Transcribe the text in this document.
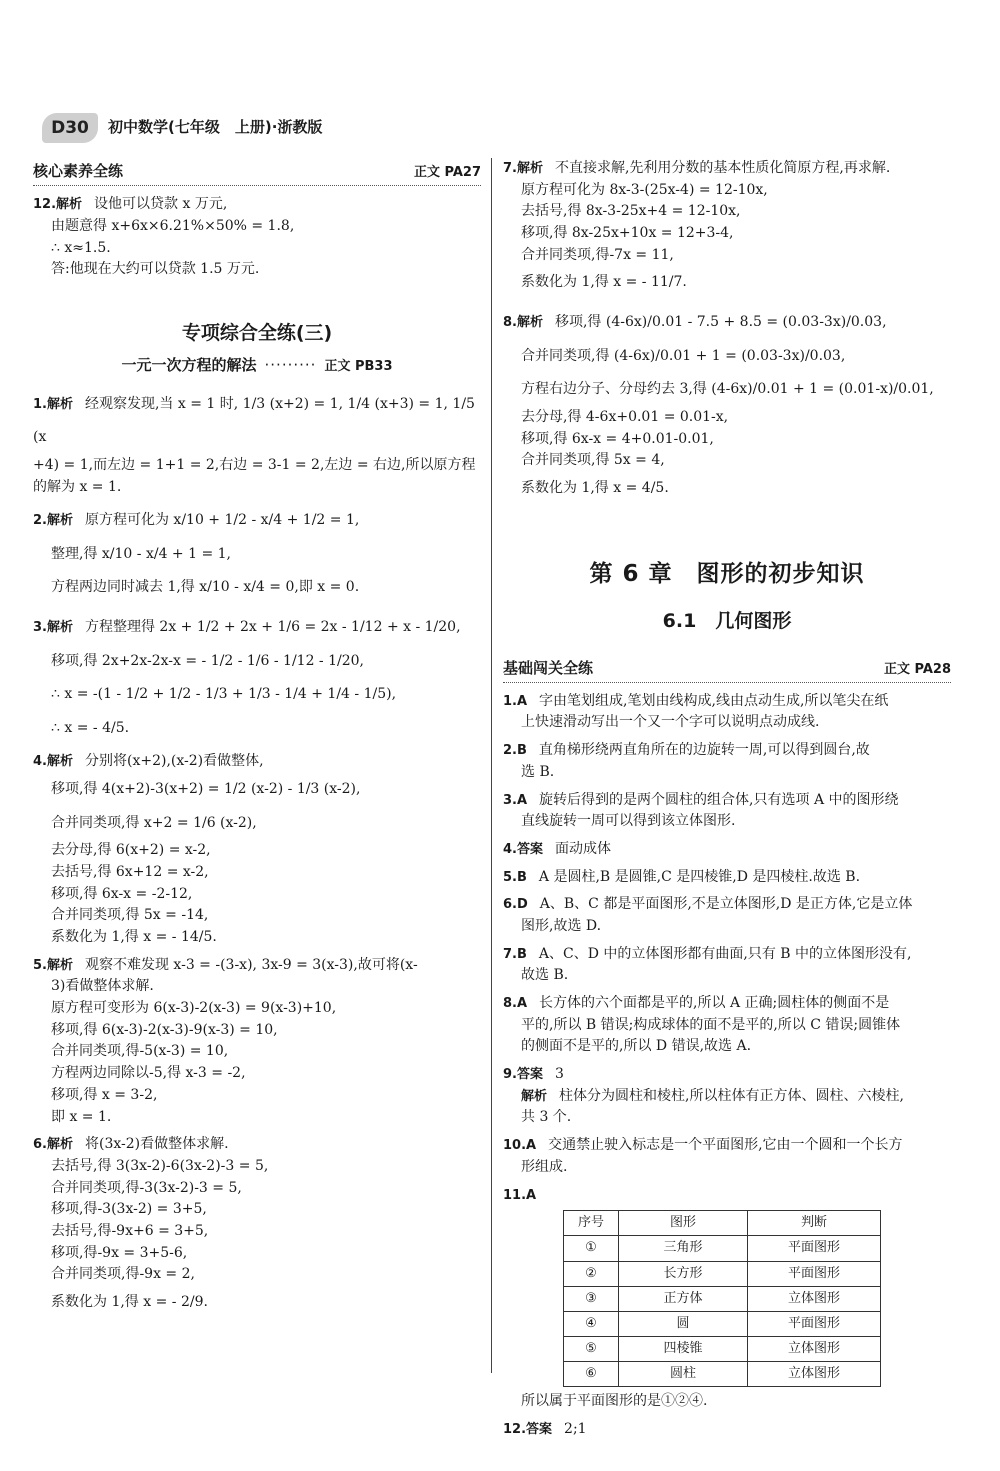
D30	初中数学(七年级　上册)·浙教版
核心素养全练	正文 PA27
12.解析 设他可以贷款 x 万元,
由题意得 x+6x×6.21%×50% = 1.8,
∴ x≈1.5.
答:他现在大约可以贷款 1.5 万元.
专项综合全练(三)
一元一次方程的解法 ········· 正文 PB33
1.解析 经观察发现,当 x = 1 时, 1/3 (x+2) = 1, 1/4 (x+3) = 1, 1/5 (x
+4) = 1,而左边 = 1+1 = 2,右边 = 3-1 = 2,左边 = 右边,所以原方程
的解为 x = 1.
2.解析 原方程可化为 x/10 + 1/2 - x/4 + 1/2 = 1,
整理,得 x/10 - x/4 + 1 = 1,
方程两边同时减去 1,得 x/10 - x/4 = 0,即 x = 0.
3.解析 方程整理得 2x + 1/2 + 2x + 1/6 = 2x - 1/12 + x - 1/20,
移项,得 2x+2x-2x-x = - 1/2 - 1/6 - 1/12 - 1/20,
∴ x = -(1 - 1/2 + 1/2 - 1/3 + 1/3 - 1/4 + 1/4 - 1/5),
∴ x = - 4/5.
4.解析 分别将(x+2),(x-2)看做整体,
移项,得 4(x+2)-3(x+2) = 1/2 (x-2) - 1/3 (x-2),
合并同类项,得 x+2 = 1/6 (x-2),
去分母,得 6(x+2) = x-2,
去括号,得 6x+12 = x-2,
移项,得 6x-x = -2-12,
合并同类项,得 5x = -14,
系数化为 1,得 x = - 14/5.
5.解析 观察不难发现 x-3 = -(3-x), 3x-9 = 3(x-3),故可将(x-
3)看做整体求解.
原方程可变形为 6(x-3)-2(x-3) = 9(x-3)+10,
移项,得 6(x-3)-2(x-3)-9(x-3) = 10,
合并同类项,得-5(x-3) = 10,
方程两边同除以-5,得 x-3 = -2,
移项,得 x = 3-2,
即 x = 1.
6.解析 将(3x-2)看做整体求解.
去括号,得 3(3x-2)-6(3x-2)-3 = 5,
合并同类项,得-3(3x-2)-3 = 5,
移项,得-3(3x-2) = 3+5,
去括号,得-9x+6 = 3+5,
移项,得-9x = 3+5-6,
合并同类项,得-9x = 2,
系数化为 1,得 x = - 2/9.
7.解析 不直接求解,先利用分数的基本性质化简原方程,再求解.
原方程可化为 8x-3-(25x-4) = 12-10x,
去括号,得 8x-3-25x+4 = 12-10x,
移项,得 8x-25x+10x = 12+3-4,
合并同类项,得-7x = 11,
系数化为 1,得 x = - 11/7.
8.解析 移项,得 (4-6x)/0.01 - 7.5 + 8.5 = (0.03-3x)/0.03,
合并同类项,得 (4-6x)/0.01 + 1 = (0.03-3x)/0.03,
方程右边分子、分母约去 3,得 (4-6x)/0.01 + 1 = (0.01-x)/0.01,
去分母,得 4-6x+0.01 = 0.01-x,
移项,得 6x-x = 4+0.01-0.01,
合并同类项,得 5x = 4,
系数化为 1,得 x = 4/5.
第 6 章　图形的初步知识
6.1　几何图形
基础闯关全练	正文 PA28
1.A 字由笔划组成,笔划由线构成,线由点动生成,所以笔尖在纸
上快速滑动写出一个又一个字可以说明点动成线.
2.B 直角梯形绕两直角所在的边旋转一周,可以得到圆台,故
选 B.
3.A 旋转后得到的是两个圆柱的组合体,只有选项 A 中的图形绕
直线旋转一周可以得到该立体图形.
4.答案 面动成体
5.B A 是圆柱,B 是圆锥,C 是四棱锥,D 是四棱柱.故选 B.
6.D A、B、C 都是平面图形,不是立体图形,D 是正方体,它是立体
图形,故选 D.
7.B A、C、D 中的立体图形都有曲面,只有 B 中的立体图形没有,
故选 B.
8.A 长方体的六个面都是平的,所以 A 正确;圆柱体的侧面不是
平的,所以 B 错误;构成球体的面不是平的,所以 C 错误;圆锥体
的侧面不是平的,所以 D 错误,故选 A.
9.答案 3
解析 柱体分为圆柱和棱柱,所以柱体有正方体、圆柱、六棱柱,
共 3 个.
10.A 交通禁止驶入标志是一个平面图形,它由一个圆和一个长方
形组成.
11.A
序号	图形	判断
①	三角形	平面图形
②	长方形	平面图形
③	正方体	立体图形
④	圆	平面图形
⑤	四棱锥	立体图形
⑥	圆柱	立体图形
所以属于平面图形的是①②④.
12.答案 2;1
